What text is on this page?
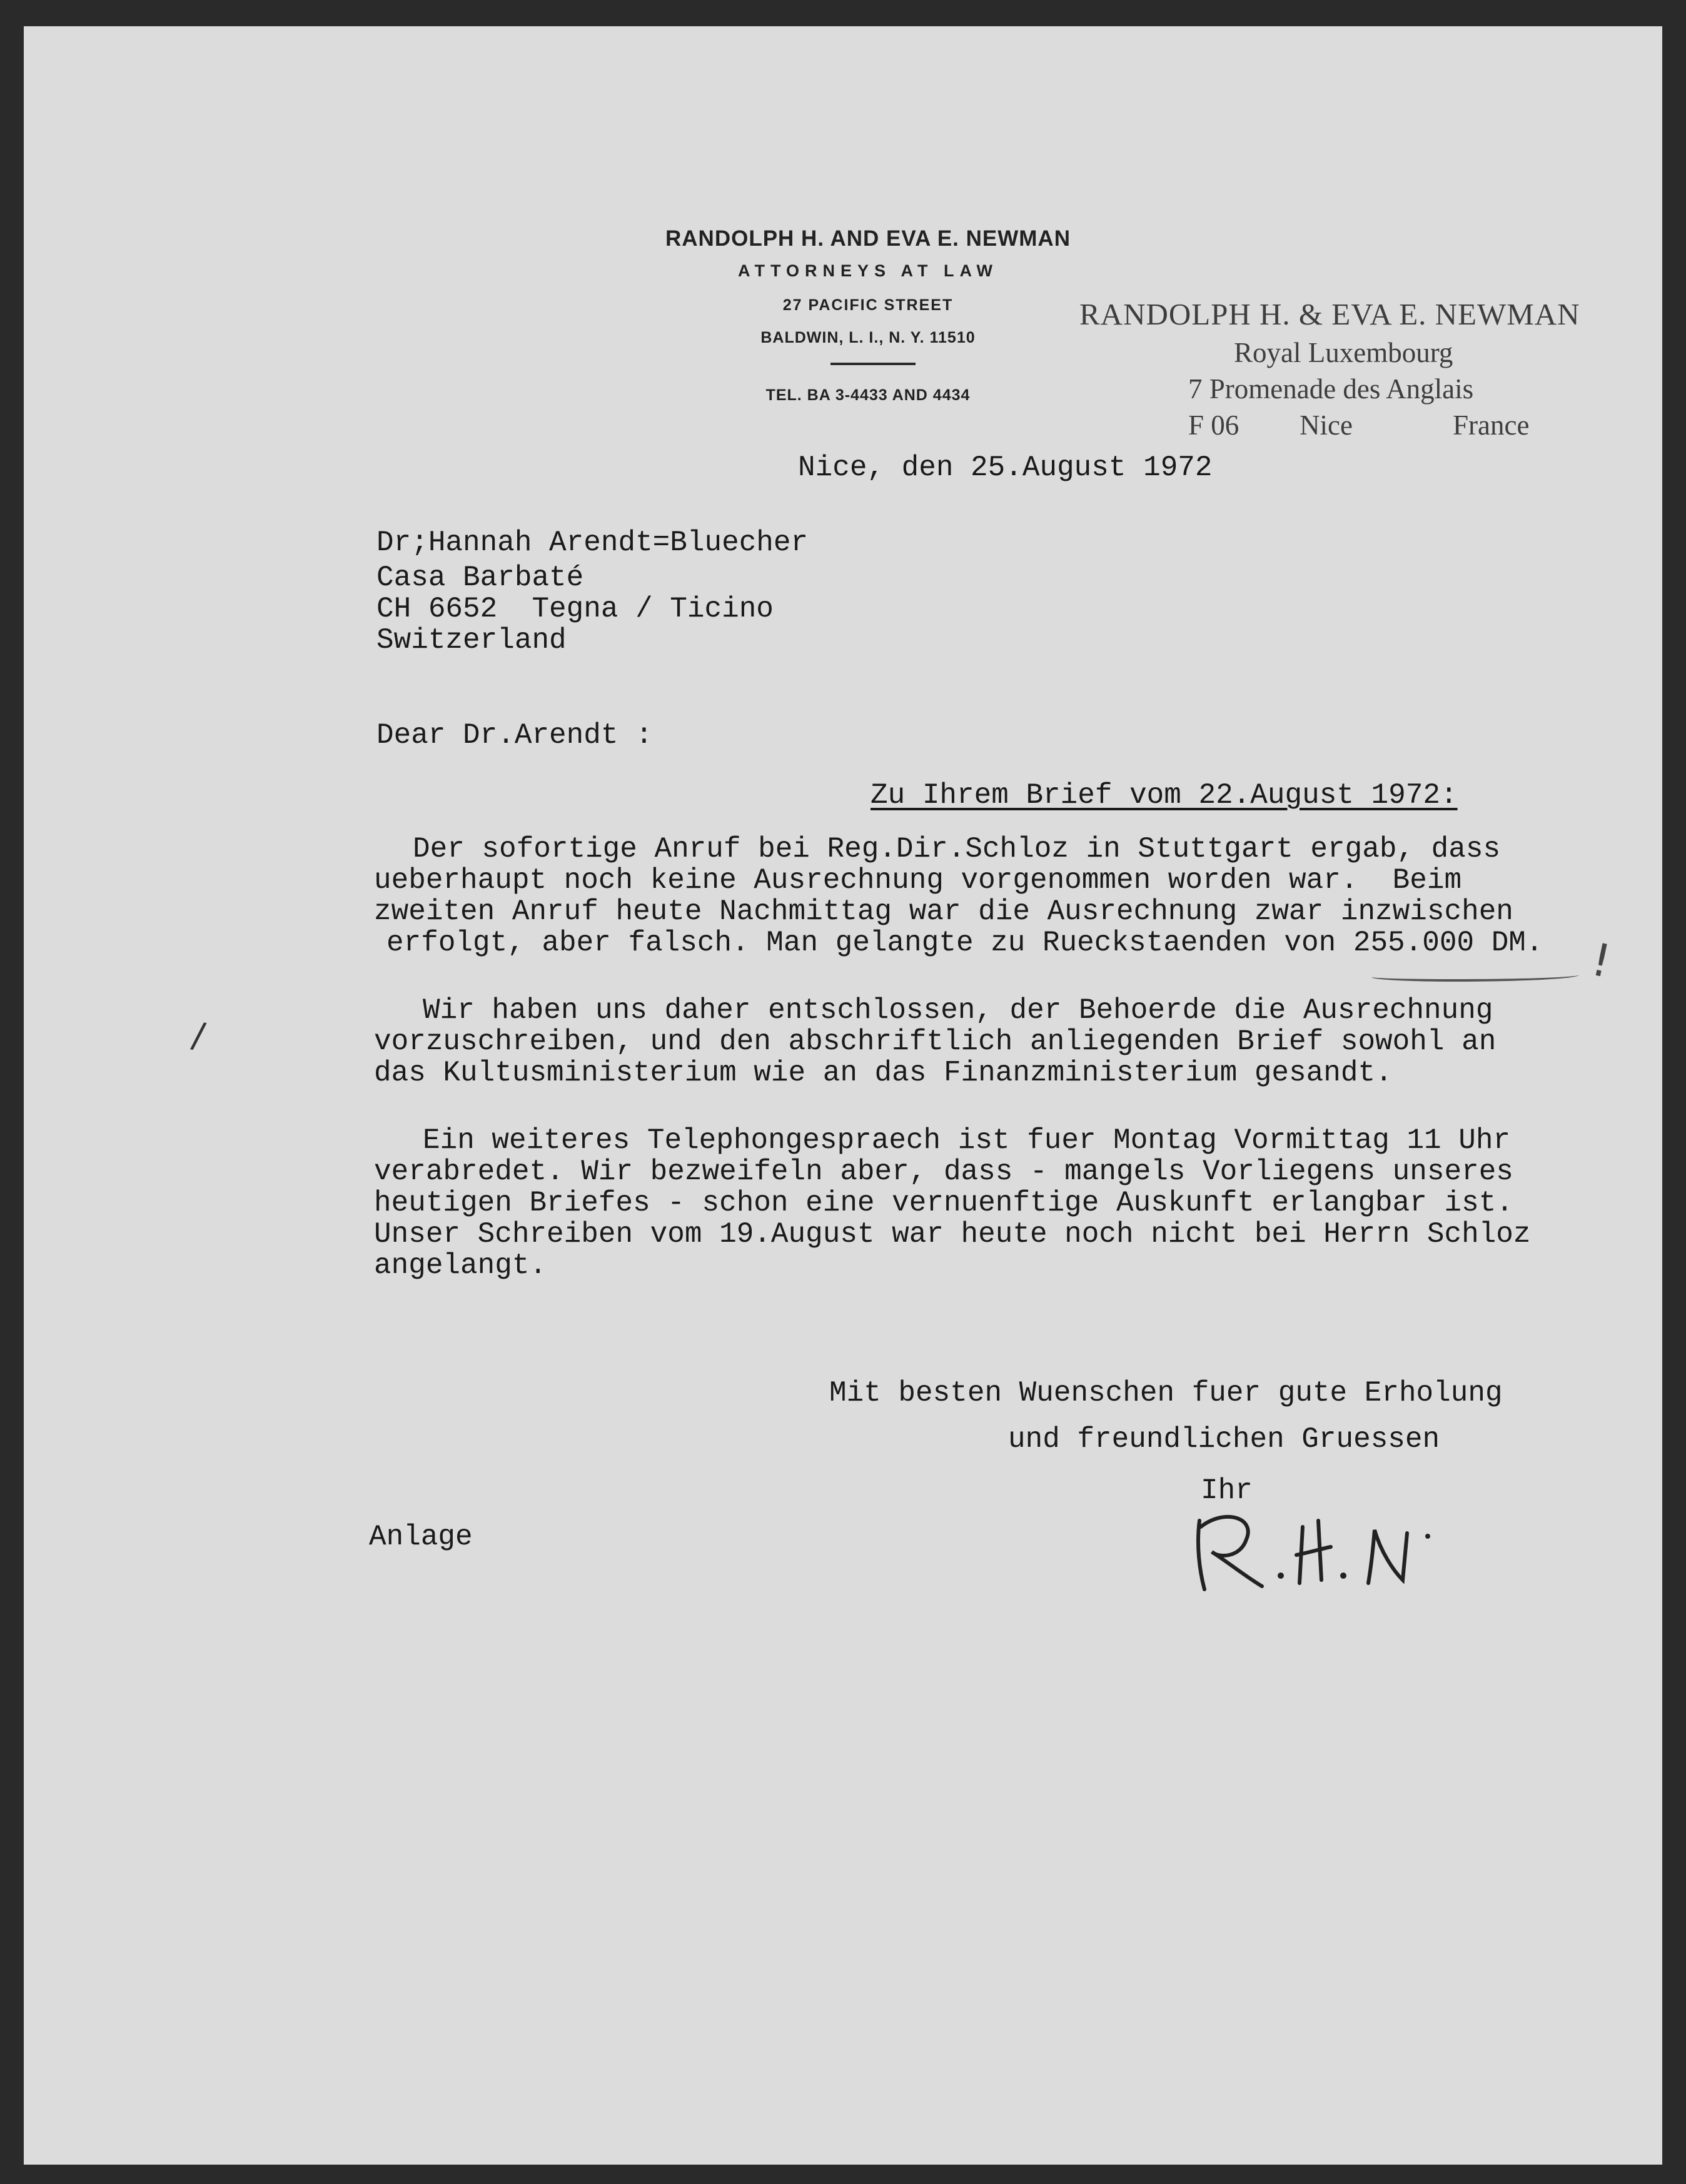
RANDOLPH H. AND EVA E. NEWMAN
ATTORNEYS AT LAW
27 PACIFIC STREET
BALDWIN, L. I., N. Y. 11510
TEL. BA 3-4433 AND 4434
RANDOLPH H. & EVA E. NEWMAN
Royal Luxembourg
7 Promenade des Anglais
F 06 Nice	France
Nice, den 25.August 1972
Dr;Hannah Arendt=Bluecher
Casa Barbaté
CH 6652  Tegna / Ticino
Switzerland
Dear Dr.Arendt :
Zu Ihrem Brief vom 22.August 1972:
Der sofortige Anruf bei Reg.Dir.Schloz in Stuttgart ergab, dass
ueberhaupt noch keine Ausrechnung vorgenommen worden war.  Beim
zweiten Anruf heute Nachmittag war die Ausrechnung zwar inzwischen
erfolgt, aber falsch. Man gelangte zu Rueckstaenden von 255.000 DM. !
/
Wir haben uns daher entschlossen, der Behoerde die Ausrechnung
vorzuschreiben, und den abschriftlich anliegenden Brief sowohl an
das Kultusministerium wie an das Finanzministerium gesandt.
Ein weiteres Telephongespraech ist fuer Montag Vormittag 11 Uhr
verabredet. Wir bezweifeln aber, dass - mangels Vorliegens unseres
heutigen Briefes - schon eine vernuenftige Auskunft erlangbar ist.
Unser Schreiben vom 19.August war heute noch nicht bei Herrn Schloz
angelangt.
Mit besten Wuenschen fuer gute Erholung
und freundlichen Gruessen
Ihr
Anlage
